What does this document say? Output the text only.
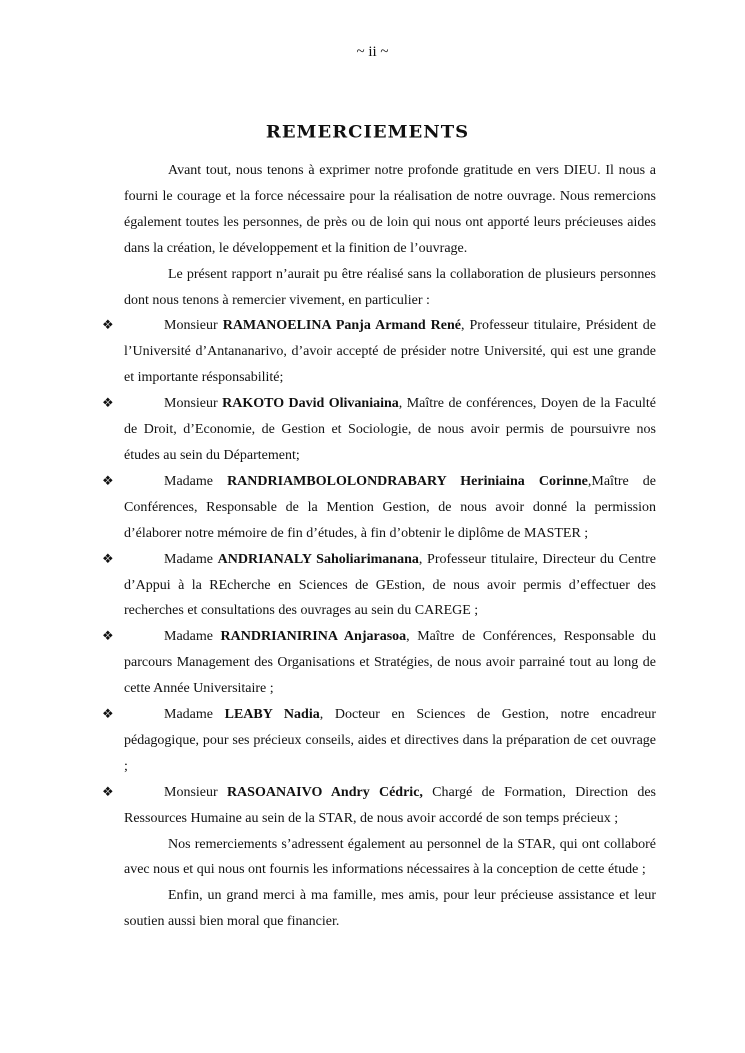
~ ii ~
REMERCIEMENTS

Avant tout, nous tenons à exprimer notre profonde gratitude en vers DIEU. Il nous a fourni le courage et la force nécessaire pour la réalisation de notre ouvrage. Nous remercions également toutes les personnes, de près ou de loin qui nous ont apporté leurs précieuses aides dans la création, le développement et la finition de l’ouvrage.

Le présent rapport n’aurait pu être réalisé sans la collaboration de plusieurs personnes dont nous tenons à remercier vivement, en particulier :

❖	Monsieur RAMANOELINA Panja Armand René, Professeur titulaire, Président de l’Université d’Antananarivo, d’avoir accepté de présider notre Université, qui est une grande et importante résponsabilité;

❖	Monsieur RAKOTO David Olivaniaina, Maître de conférences, Doyen de la Faculté de Droit, d’Economie, de Gestion et Sociologie, de nous avoir permis de poursuivre nos études au sein du Département;

❖	Madame RANDRIAMBOLOLONDRABARY Heriniaina Corinne,Maître de Conférences, Responsable de la Mention Gestion, de nous avoir donné la permission d’élaborer notre mémoire de fin d’études, à fin d’obtenir le diplôme de MASTER ;

❖	Madame ANDRIANALY Saholiarimanana, Professeur titulaire, Directeur du Centre d’Appui à la REcherche en Sciences de GEstion, de nous avoir permis d’effectuer des recherches et consultations des ouvrages au sein du CAREGE ;

❖	Madame RANDRIANIRINA Anjarasoa, Maître de Conférences, Responsable du parcours Management des Organisations et Stratégies, de nous avoir parrainé tout au long de cette Année Universitaire ;

❖	Madame LEABY Nadia, Docteur en Sciences de Gestion, notre encadreur pédagogique, pour ses précieux conseils, aides et directives dans la préparation de cet ouvrage ;

❖	Monsieur RASOANAIVO Andry Cédric, Chargé de Formation, Direction des Ressources Humaine au sein de la STAR, de nous avoir accordé de son temps précieux ;

Nos remerciements s’adressent également au personnel de la STAR, qui ont collaboré avec nous et qui nous ont fournis les informations nécessaires à la conception de cette étude ;

Enfin, un grand merci à ma famille, mes amis, pour leur précieuse assistance et leur soutien aussi bien moral que financier.
